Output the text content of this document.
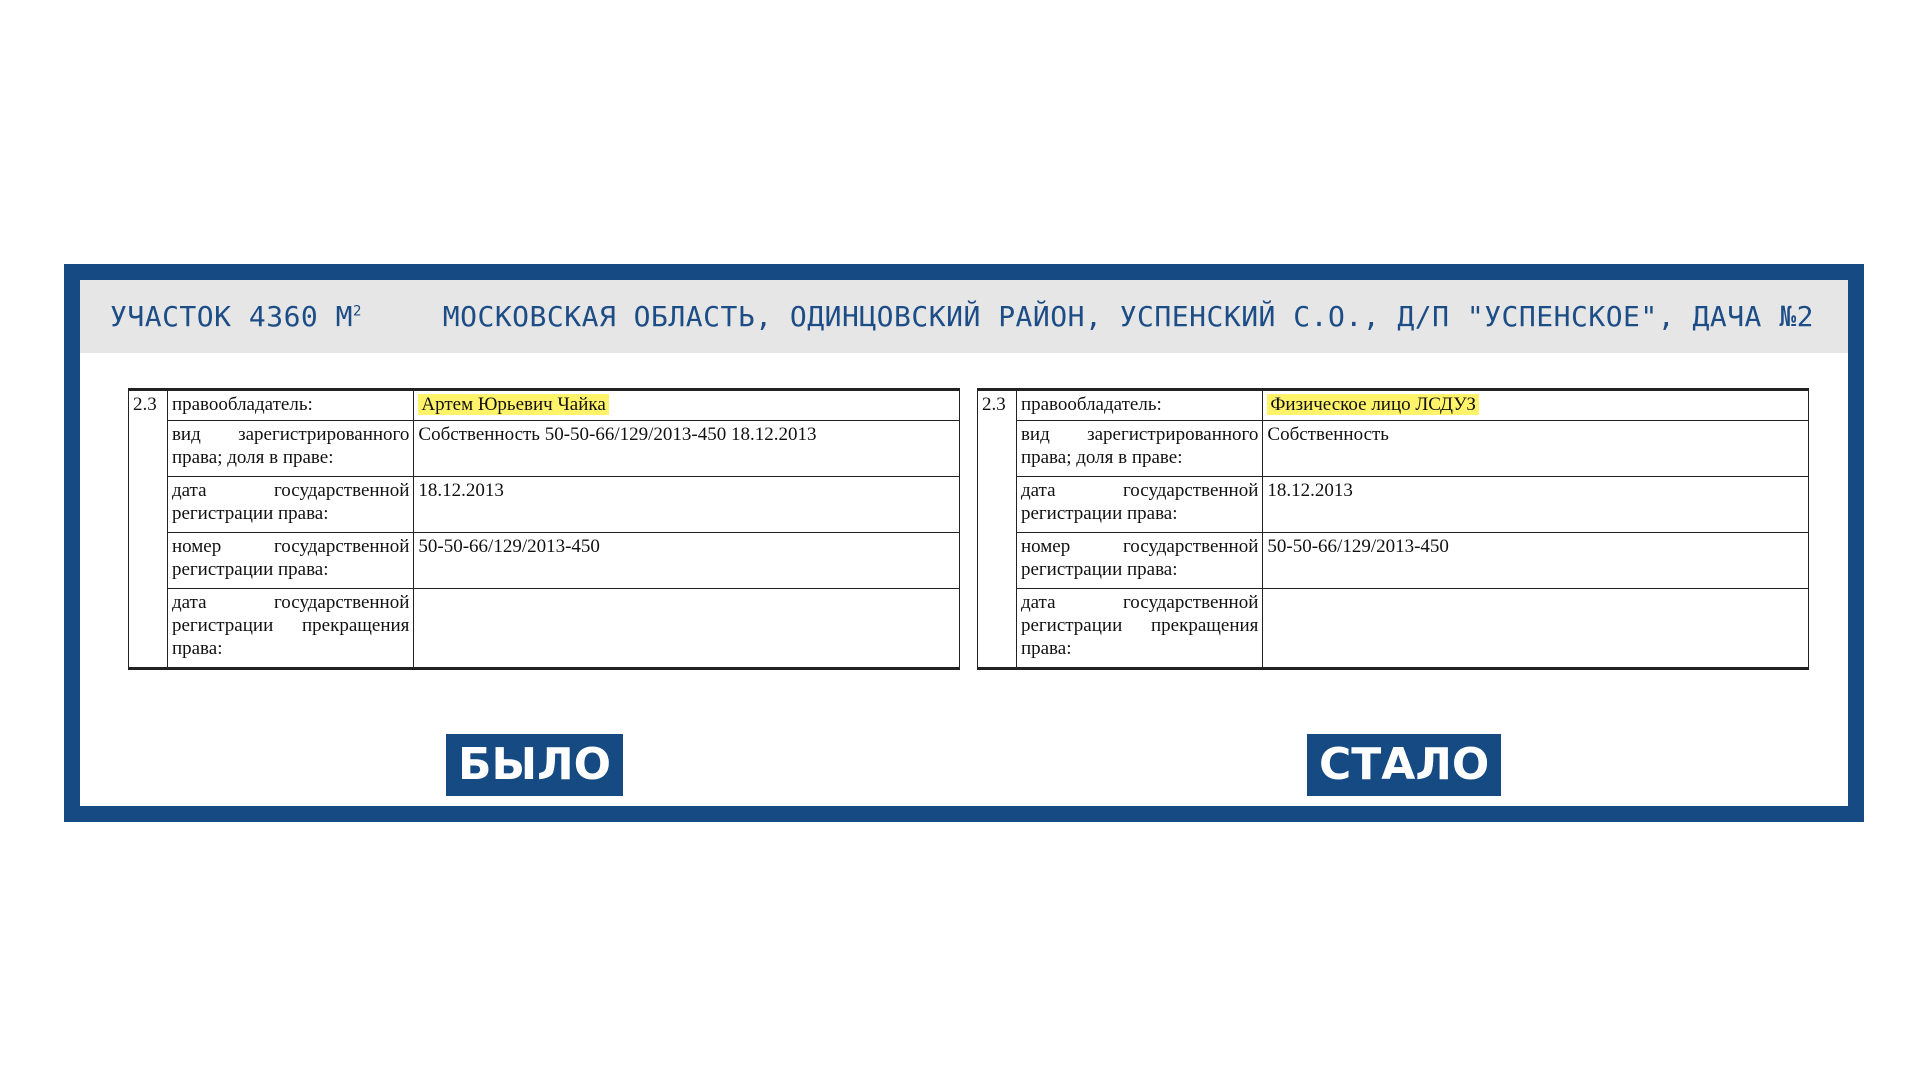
УЧАСТОК 4360 $М^2$	МОСКОВСКАЯ ОБЛАСТЬ, ОДИНЦОВСКИЙ РАЙОН, УСПЕНСКИЙ С.О., Д/П "УСПЕНСКОЕ", ДАЧА №2
2.3	правообладатель:	Артем Юрьевич Чайка
	вид зарегистрированного права; доля в праве:	Собственность 50-50-66/129/2013-450 18.12.2013
	дата государственной регистрации права:	18.12.2013
	номер государственной регистрации права:	50-50-66/129/2013-450
	дата государственной регистрации прекращения права:	
2.3	правообладатель:	Физическое лицо ЛСДУЗ
	вид зарегистрированного права; доля в праве:	Собственность
	дата государственной регистрации права:	18.12.2013
	номер государственной регистрации права:	50-50-66/129/2013-450
	дата государственной регистрации прекращения права:	
БЫЛО	СТАЛО
